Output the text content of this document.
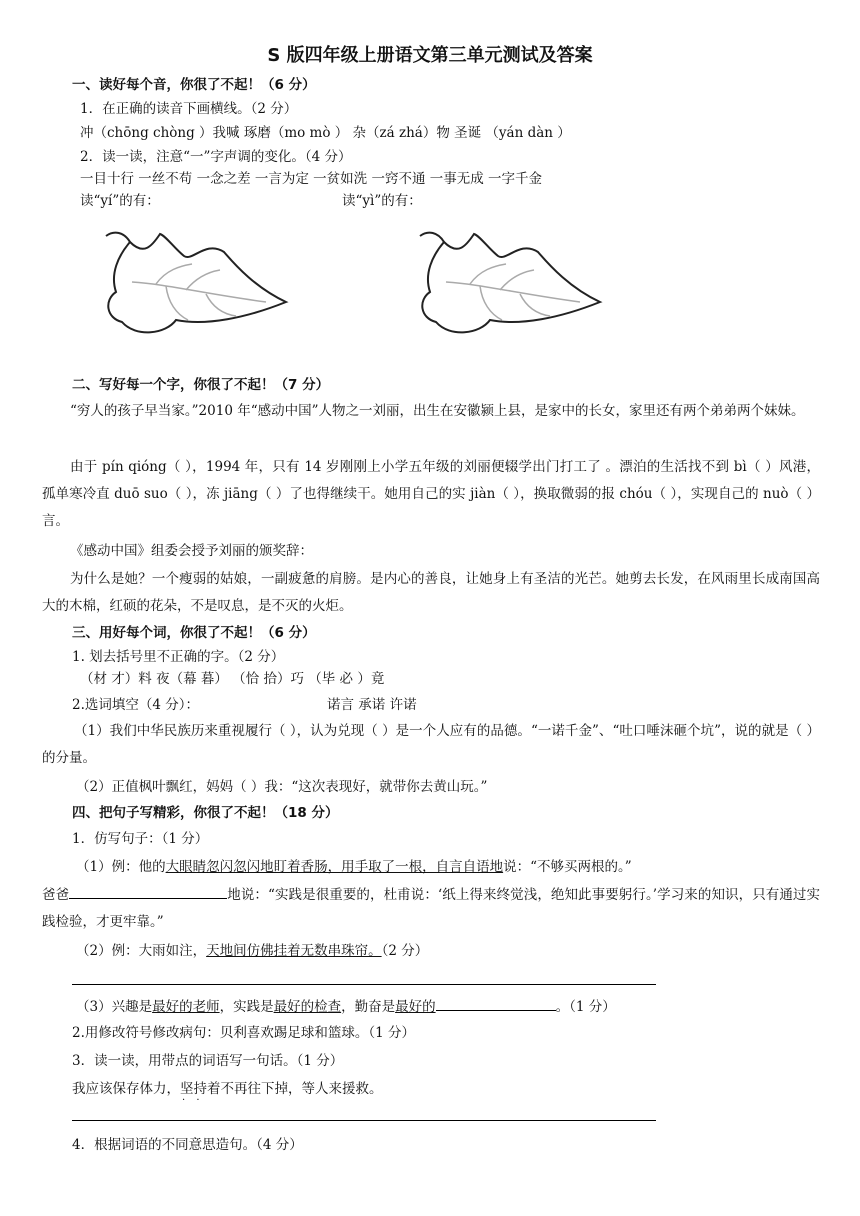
S 版四年级上册语文第三单元测试及答案
一、读好每个音，你很了不起！（6 分）
1．在正确的读音下画横线。（2 分）
冲（chōng chòng ）我喊 琢磨（mo mò ） 杂（zá zhá）物 圣诞 （yán dàn ）
2．读一读，注意“一”字声调的变化。（4 分）
一目十行 一丝不苟 一念之差 一言为定 一贫如洗 一窍不通 一事无成 一字千金
读“yí”的有：	读“yì”的有：
二、写好每一个字，你很了不起！（7 分）
“穷人的孩子早当家。”2010 年“感动中国”人物之一刘丽，出生在安徽颍上县，是家中的长女，家里还有两个弟弟两个妹妹。
由于 pín qióng（ ），1994 年，只有 14 岁刚刚上小学五年级的刘丽便辍学出门打工了 。漂泊的生活找不到 bì（ ）风港，孤单寒冷直 duō suo（ ），冻 jiāng（ ）了也得继续干。她用自己的实 jiàn（ ），换取微弱的报 chóu（ ），实现自己的 nuò（ ）言。
《感动中国》组委会授予刘丽的颁奖辞：
为什么是她？一个瘦弱的姑娘，一副疲惫的肩膀。是内心的善良，让她身上有圣洁的光芒。她剪去长发，在风雨里长成南国高大的木棉，红硕的花朵，不是叹息，是不灭的火炬。
三、用好每个词，你很了不起！（6 分）
1. 划去括号里不正确的字。（2 分）
（材 才）料 夜（幕 暮） （恰 拾）巧 （毕 必 ）竟
2.选词填空（4 分）：	诺言 承诺 许诺
（1）我们中华民族历来重视履行（ ），认为兑现（ ）是一个人应有的品德。“一诺千金”、“吐口唾沫砸个坑”，说的就是（ ）的分量。
（2）正值枫叶飘红，妈妈（ ）我：“这次表现好，就带你去黄山玩。”
四、把句子写精彩，你很了不起！（18 分）
1．仿写句子：（1 分）
（1）例：他的大眼睛忽闪忽闪地盯着香肠，用手取了一根，自言自语地说：“不够买两根的。”
爸爸	地说：“实践是很重要的，杜甫说：‘纸上得来终觉浅，绝知此事要躬行。’学习来的知识，只有通过实践检验，才更牢靠。”
（2）例：大雨如注，天地间仿佛挂着无数串珠帘。（2 分）
（3）兴趣是最好的老师，实践是最好的检查，勤奋是最好的	。（1 分）
2.用修改符号修改病句：贝利喜欢踢足球和篮球。（1 分）
3．读一读，用带点的词语写一句话。（1 分）
我应该保存体力，坚持 · ·着不再往下掉，等人来援救。
4．根据词语的不同意思造句。（4 分）
